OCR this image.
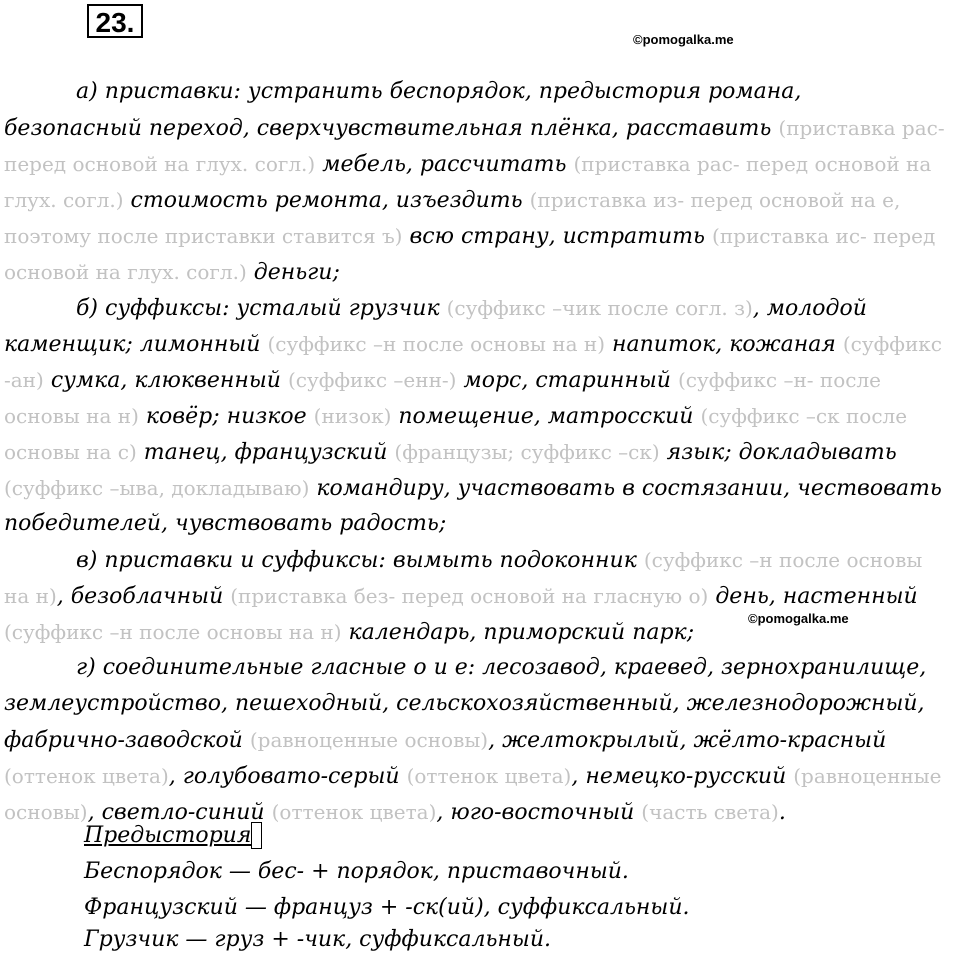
23.
©pomogalka.me
©pomogalka.me
а) приставки: устранить беспорядок, предыстория романа,
безопасный переход, сверхчувствительная плёнка, расставить (приставка рас-
перед основой на глух. согл.) мебель, рассчитать (приставка рас- перед основой на
глух. согл.) стоимость ремонта, изъездить (приставка из- перед основой на е,
поэтому после приставки ставится ъ) всю страну, истратить (приставка ис- перед
основой на глух. согл.) деньги;
б) суффиксы: усталый грузчик (суффикс –чик после согл. з), молодой
каменщик; лимонный (суффикс –н после основы на н) напиток, кожаная (суффикс
-ан) сумка, клюквенный (суффикс –енн-) морс, старинный (суффикс –н- после
основы на н) ковёр; низкое (низок) помещение, матросский (суффикс –ск после
основы на с) танец, французский (французы; суффикс –ск) язык; докладывать
(суффикс –ыва, докладываю) командиру, участвовать в состязании, чествовать
победителей, чувствовать радость;
в) приставки и суффиксы: вымыть подоконник (суффикс –н после основы
на н), безоблачный (приставка без- перед основой на гласную о) день, настенный
(суффикс –н после основы на н) календарь, приморский парк;
г) соединительные гласные о и е: лесозавод, краевед, зернохранилище,
землеустройство, пешеходный, сельскохозяйственный, железнодорожный,
фабрично-заводской (равноценные основы), желтокрылый, жёлто-красный
(оттенок цвета), голубовато-серый (оттенок цвета), немецко-русский (равноценные
основы), светло-синий (оттенок цвета), юго-восточный (часть света).
Предыстория
Беспорядок — бес- + порядок, приставочный.
Французский — француз + -ск(ий), суффиксальный.
Грузчик — груз + -чик, суффиксальный.
